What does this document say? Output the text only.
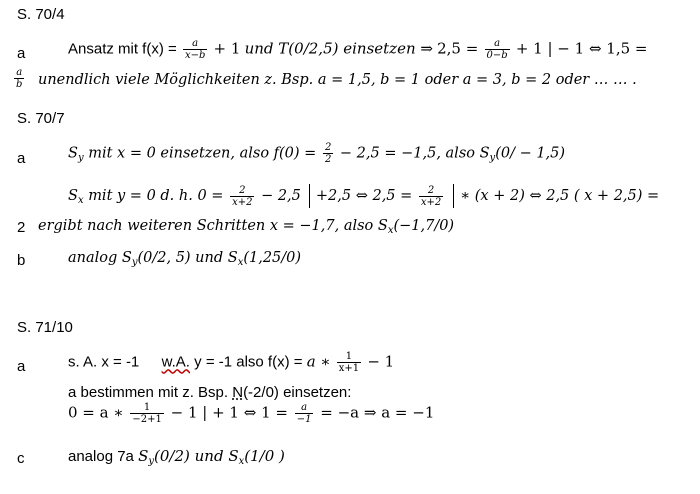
S. 70/4
a	Ansatz mit $f(x) = \frac{a}{x-b} + 1$ und T(0/2,5) einsetzen ⇒ $2,5 = \frac{a}{0-b} + 1$ | − 1 ⇔ 1,5 =
$\frac{a}{b}$ unendlich viele Möglichkeiten z. Bsp. a = 1,5, b = 1 oder a = 3, b = 2 oder … … .
S. 70/7
a	$S_y$ mit x = 0 einsetzen, also $f(0) = \frac{2}{2} - 2,5 = -1,5$, also $S_y(0/ - 1,5)$
$S_x$ mit y = 0 d. h. $0 = \frac{2}{x+2} - 2,5 +2,5$ ⇔ $2,5 = \frac{2}{x+2}$ ∗ (x + 2) ⇔ 2,5 ( x + 2,5) =
2 ergibt nach weiteren Schritten x = −1,7, also $S_x(-1,7/0)$
b	analog $S_y(0/2$, 5) und $S_x(1,25/0)$
S. 71/10
a	s. A. x = -1 w.A. y = -1 also f(x) = a ∗ $\frac{1}{x+1} - 1$
a bestimmen mit z. Bsp. N(-2/0) einsetzen:
0 = a ∗ $\frac{1}{-2+1} - 1$ | + 1 ⇔ $1 = \frac{a}{-1} = -a$ ⇒ a = −1
c	analog 7a $S_y(0/2)$ und $S_x(1/0$ )
